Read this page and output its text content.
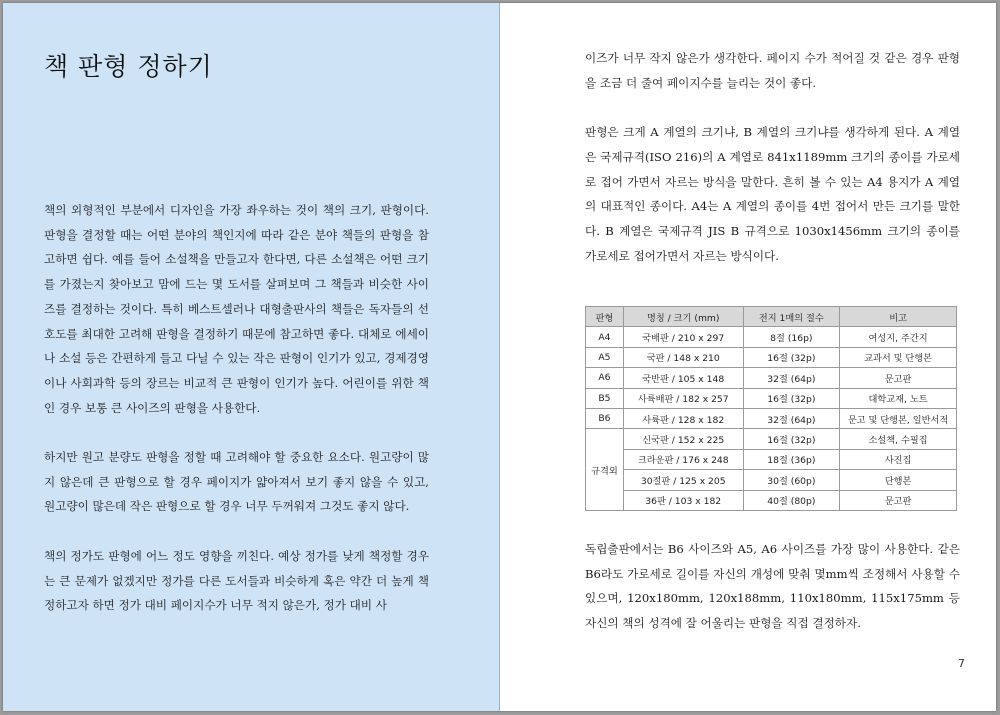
책 판형 정하기

책의 외형적인 부분에서 디자인을 가장 좌우하는 것이 책의 크기, 판형이다. 판형을 결정할 때는 어떤 분야의 책인지에 따라 같은 분야 책들의 판형을 참고하면 쉽다. 예를 들어 소설책을 만들고자 한다면, 다른 소설책은 어떤 크기를 가졌는지 찾아보고 맘에 드는 몇 도서를 살펴보며 그 책들과 비슷한 사이즈를 결정하는 것이다. 특히 베스트셀러나 대형출판사의 책들은 독자들의 선호도를 최대한 고려해 판형을 결정하기 때문에 참고하면 좋다. 대체로 에세이나 소설 등은 간편하게 들고 다닐 수 있는 작은 판형이 인기가 있고, 경제경영이나 사회과학 등의 장르는 비교적 큰 판형이 인기가 높다. 어린이를 위한 책인 경우 보통 큰 사이즈의 판형을 사용한다.

하지만 원고 분량도 판형을 정할 때 고려해야 할 중요한 요소다. 원고량이 많지 않은데 큰 판형으로 할 경우 페이지가 얇아져서 보기 좋지 않을 수 있고, 원고량이 많은데 작은 판형으로 할 경우 너무 두꺼워져 그것도 좋지 않다.

책의 정가도 판형에 어느 정도 영향을 끼친다. 예상 정가를 낮게 책정할 경우는 큰 문제가 없겠지만 정가를 다른 도서들과 비슷하게 혹은 약간 더 높게 책정하고자 하면 정가 대비 페이지수가 너무 적지 않은가, 정가 대비 사

이즈가 너무 작지 않은가 생각한다. 페이지 수가 적어질 것 같은 경우 판형을 조금 더 줄여 페이지수를 늘리는 것이 좋다.

판형은 크게 A 계열의 크기냐, B 계열의 크기냐를 생각하게 된다. A 계열은 국제규격(ISO 216)의 A 계열로 841x1189mm 크기의 종이를 가로세로 접어 가면서 자르는 방식을 말한다. 흔히 볼 수 있는 A4 용지가 A 계열의 대표적인 종이다. A4는 A 계열의 종이를 4번 접어서 만든 크기를 말한다. B 계열은 국제규격 JIS B 규격으로 1030x1456mm 크기의 종이를 가로세로 접어가면서 자르는 방식이다.

판형	명칭 / 크기 (mm)	전지 1매의 절수	비고
A4	국배판 / 210 x 297	8절 (16p)	여성지, 주간지
A5	국판 / 148 x 210	16절 (32p)	교과서 및 단행본
A6	국반판 / 105 x 148	32절 (64p)	문고판
B5	사륙배판 / 182 x 257	16절 (32p)	대학교재, 노트
B6	사륙판 / 128 x 182	32절 (64p)	문고 및 단행본, 일반서적
규격외	신국판 / 152 x 225	16절 (32p)	소설책, 수필집
	크라운판 / 176 x 248	18절 (36p)	사진집
	30절판 / 125 x 205	30절 (60p)	단행본
	36판 / 103 x 182	40절 (80p)	문고판

독립출판에서는 B6 사이즈와 A5, A6 사이즈를 가장 많이 사용한다. 같은 B6라도 가로세로 길이를 자신의 개성에 맞춰 몇mm씩 조정해서 사용할 수 있으며, 120x180mm, 120x188mm, 110x180mm, 115x175mm 등 자신의 책의 성격에 잘 어울리는 판형을 직접 결정하자.

7
